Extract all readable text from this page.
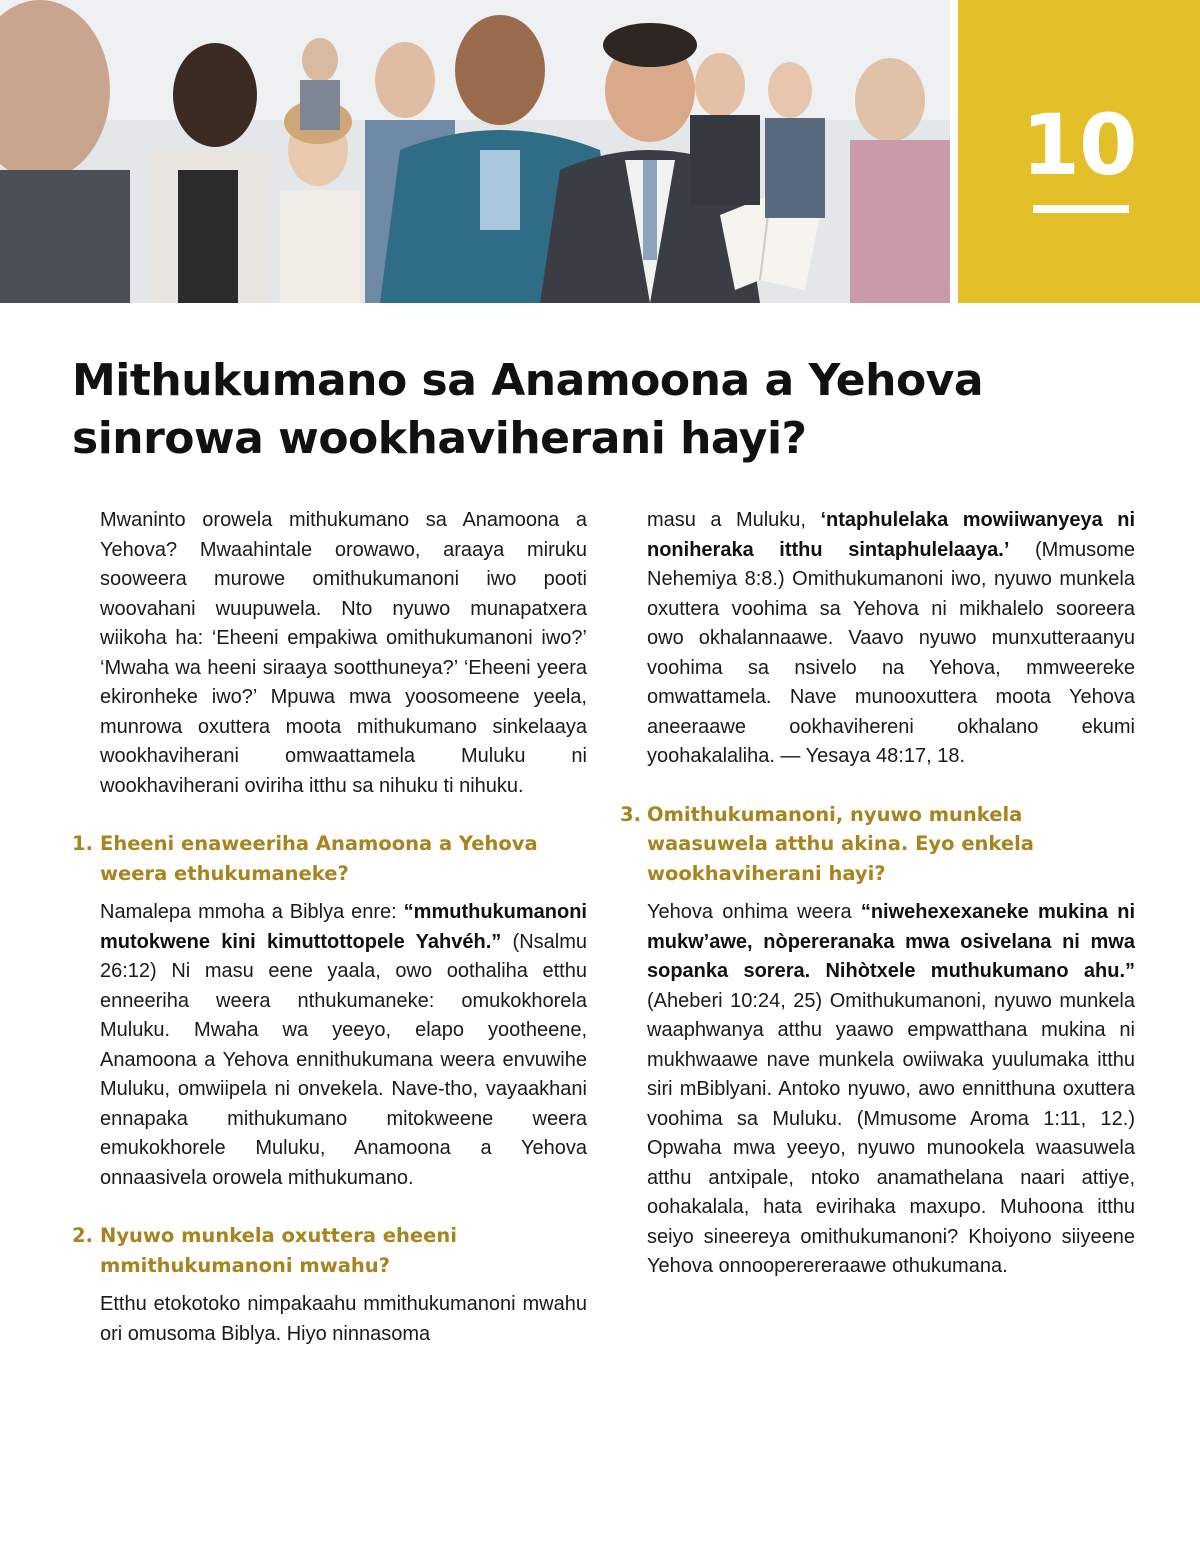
10
Mithukumano sa Anamoona a Yehova sinrowa wookhaviherani hayi?

Mwaninto orowela mithukumano sa Anamoona a Yehova? Mwaahintale orowawo, araaya miruku sooweera murowe omithukumanoni iwo pooti woovahani wuupuwela. Nto nyuwo munapatxera wiikoha ha: ‘Eheeni empakiwa omithukumanoni iwo?’ ‘Mwaha wa heeni siraaya sootthuneya?’ ‘Eheeni yeera ekironheke iwo?’ Mpuwa mwa yoosomeene yeela, munrowa oxuttera moota mithukumano sinkelaaya wookhaviherani omwaattamela Muluku ni wookhaviherani oviriha itthu sa nihuku ti nihuku.

1. Eheeni enaweeriha Anamoona a Yehova weera ethukumaneke?

Namalepa mmoha a Biblya enre: “mmuthukumanoni mutokwene kini kimuttottopele Yahvéh.” (Nsalmu 26:12) Ni masu eene yaala, owo oothaliha etthu enneeriha weera nthukumaneke: omukokhorela Muluku. Mwaha wa yeeyo, elapo yootheene, Anamoona a Yehova ennithukumana weera envuwihe Muluku, omwiipela ni onvekela. Nave-tho, vayaakhani ennapaka mithukumano mitokweene weera emukokhorele Muluku, Anamoona a Yehova onnaasivela orowela mithukumano.

2. Nyuwo munkela oxuttera eheeni mmithukumanoni mwahu?

Etthu etokotoko nimpakaahu mmithukumanoni mwahu ori omusoma Biblya. Hiyo ninnasoma

masu a Muluku, ‘ntaphulelaka mowiiwanyeya ni noniheraka itthu sintaphulelaaya.’ (Mmusome Nehemiya 8:8.) Omithukumanoni iwo, nyuwo munkela oxuttera voohima sa Yehova ni mikhalelo sooreera owo okhalannaawe. Vaavo nyuwo munxutteraanyu voohima sa nsivelo na Yehova, mmweereke omwattamela. Nave munooxuttera moota Yehova aneeraawe ookhavihereni okhalano ekumi yoohakalaliha. — Yesaya 48:17, 18.

3. Omithukumanoni, nyuwo munkela waasuwela atthu akina. Eyo enkela wookhaviherani hayi?

Yehova onhima weera “niwehexexaneke mukina ni mukw’awe, nòpereranaka mwa osivelana ni mwa sopanka sorera. Nihòtxele muthukumano ahu.” (Aheberi 10:24, 25) Omithukumanoni, nyuwo munkela waaphwanya atthu yaawo empwatthana mukina ni mukhwaawe nave munkela owiiwaka yuulumaka itthu siri mBiblyani. Antoko nyuwo, awo ennitthuna oxuttera voohima sa Muluku. (Mmusome Aroma 1:11, 12.) Opwaha mwa yeeyo, nyuwo munookela waasuwela atthu antxipale, ntoko anamathelana naari attiye, oohakalala, hata evirihaka maxupo. Muhoona itthu seiyo sineereya omithukumanoni? Khoiyono siiyeene Yehova onnooperereraawe othukumana.
